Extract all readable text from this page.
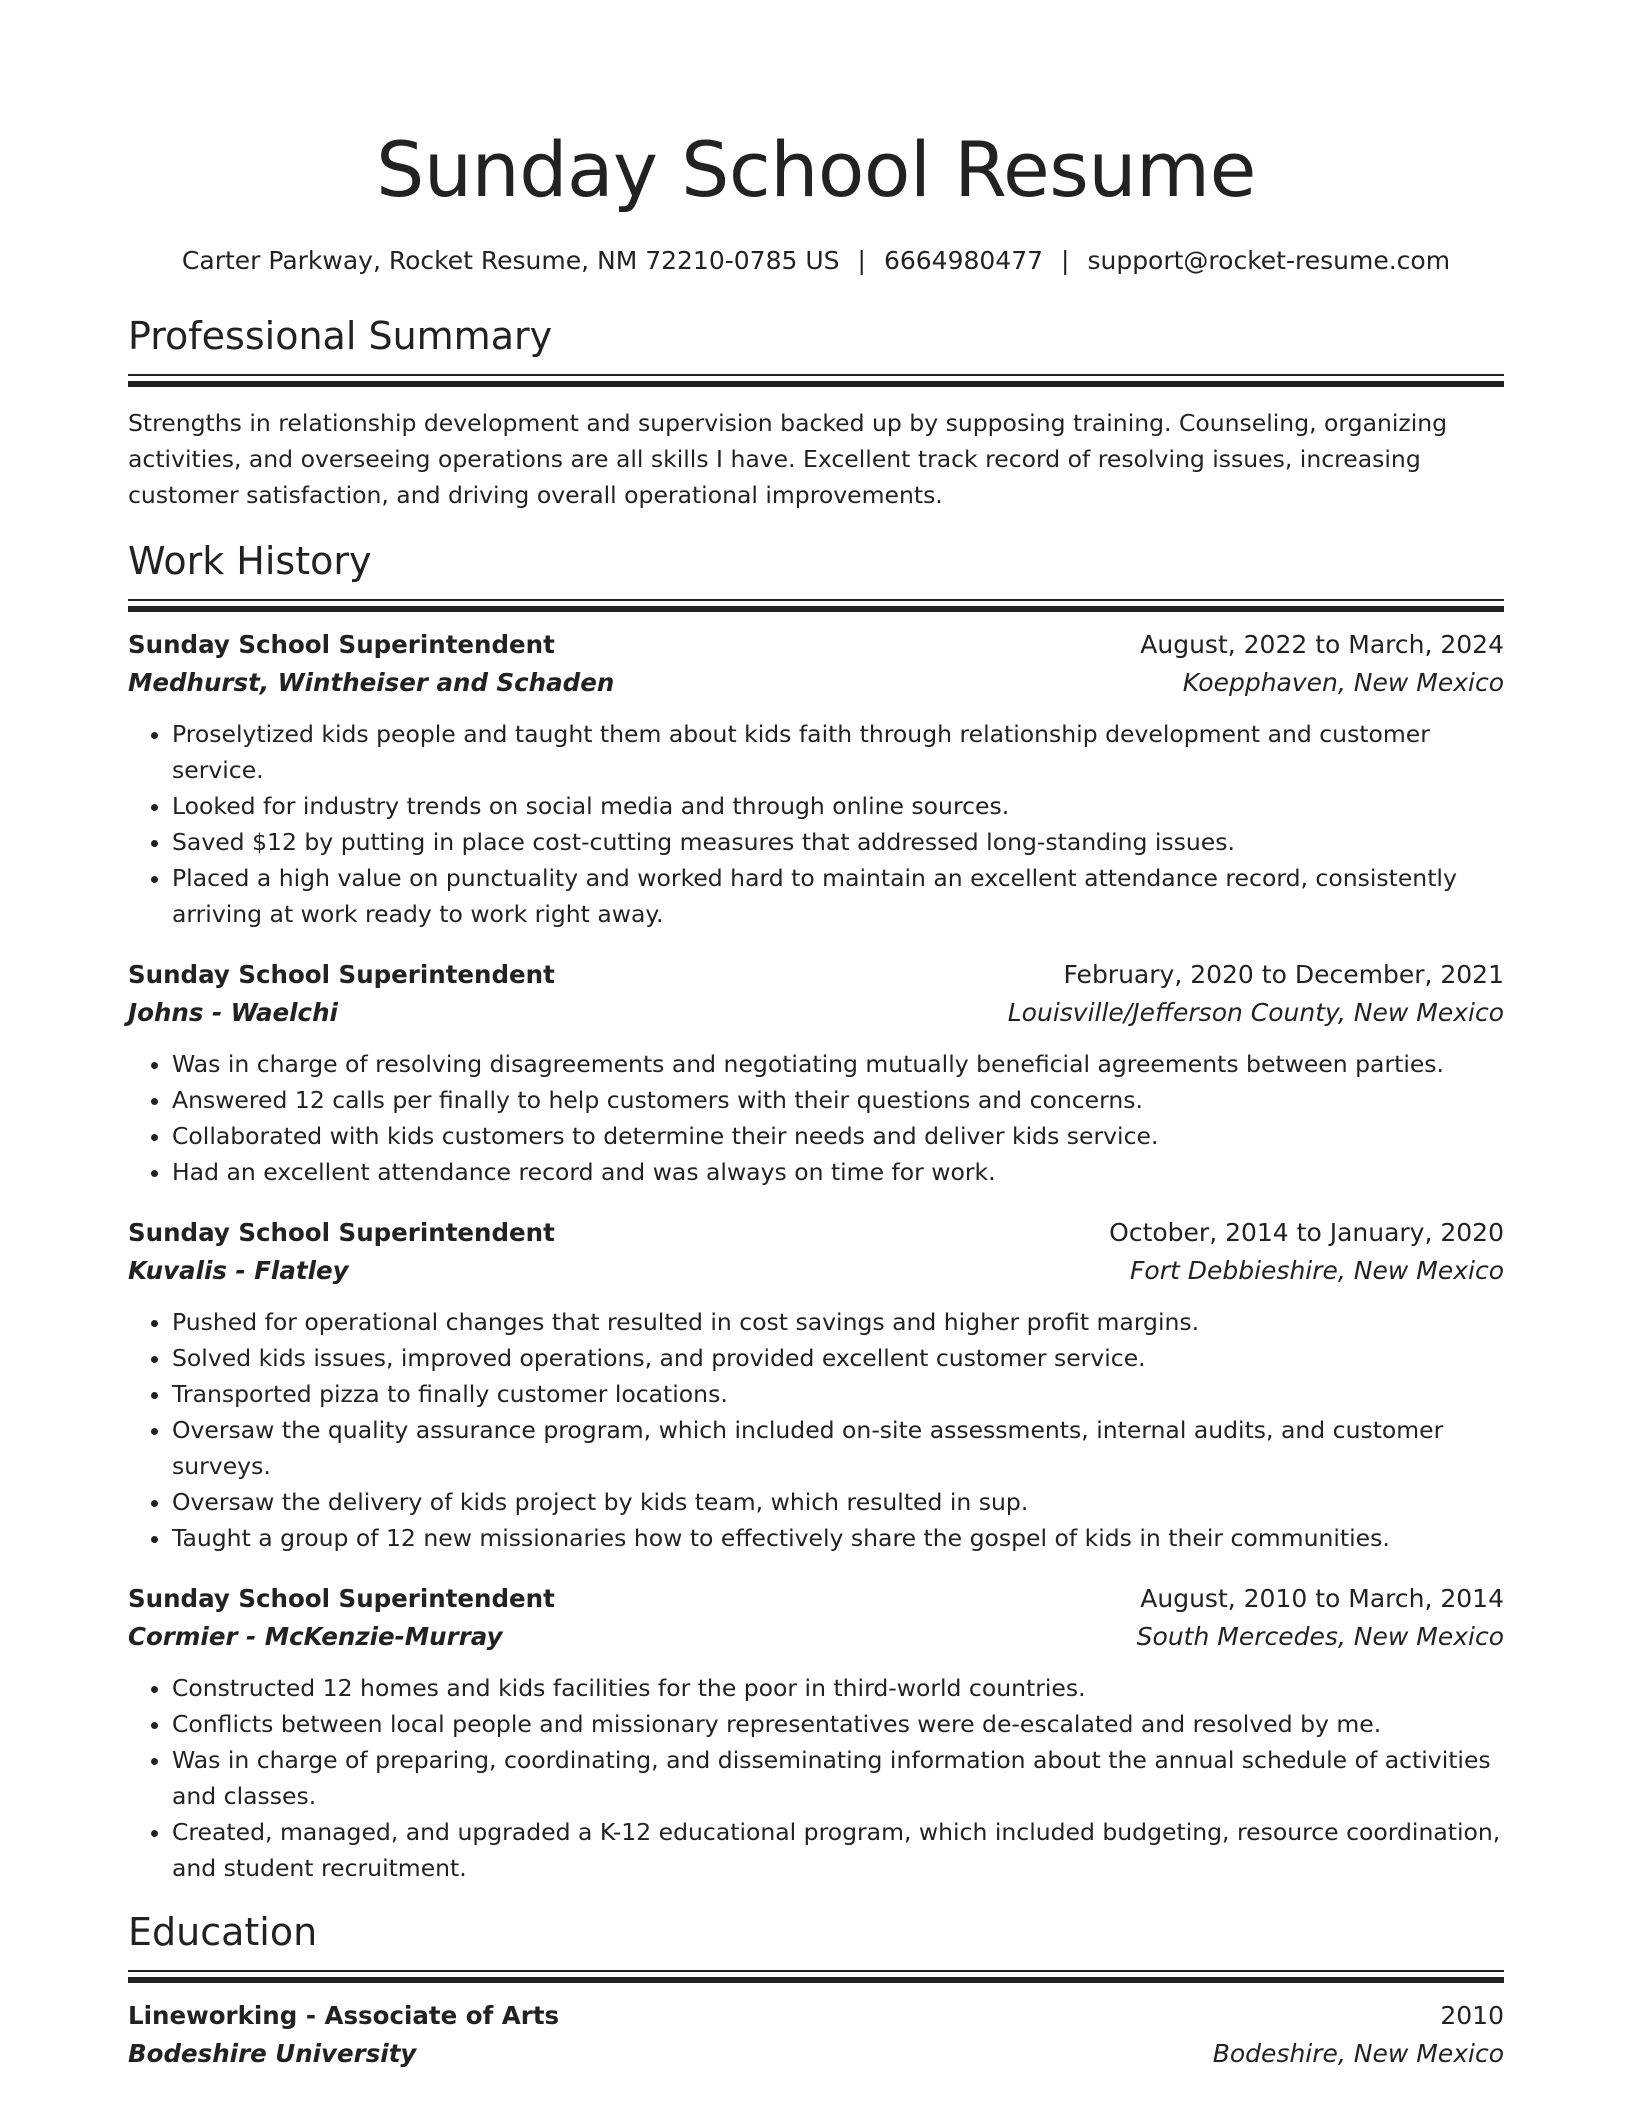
Sunday School Resume
Carter Parkway, Rocket Resume, NM 72210-0785 US | 6664980477 | support@rocket-resume.com
Professional Summary

Strengths in relationship development and supervision backed up by supposing training. Counseling, organizing activities, and overseeing operations are all skills I have. Excellent track record of resolving issues, increasing customer satisfaction, and driving overall operational improvements.

Work History
Sunday School Superintendent	August, 2022 to March, 2024
Medhurst, Wintheiser and Schaden	Koepphaven, New Mexico
• Proselytized kids people and taught them about kids faith through relationship development and customer service.
• Looked for industry trends on social media and through online sources.
• Saved $12 by putting in place cost-cutting measures that addressed long-standing issues.
• Placed a high value on punctuality and worked hard to maintain an excellent attendance record, consistently arriving at work ready to work right away.
Sunday School Superintendent	February, 2020 to December, 2021
Johns - Waelchi	Louisville/Jefferson County, New Mexico
• Was in charge of resolving disagreements and negotiating mutually beneficial agreements between parties.
• Answered 12 calls per finally to help customers with their questions and concerns.
• Collaborated with kids customers to determine their needs and deliver kids service.
• Had an excellent attendance record and was always on time for work.
Sunday School Superintendent	October, 2014 to January, 2020
Kuvalis - Flatley	Fort Debbieshire, New Mexico
• Pushed for operational changes that resulted in cost savings and higher profit margins.
• Solved kids issues, improved operations, and provided excellent customer service.
• Transported pizza to finally customer locations.
• Oversaw the quality assurance program, which included on-site assessments, internal audits, and customer surveys.
• Oversaw the delivery of kids project by kids team, which resulted in sup.
• Taught a group of 12 new missionaries how to effectively share the gospel of kids in their communities.
Sunday School Superintendent	August, 2010 to March, 2014
Cormier - McKenzie-Murray	South Mercedes, New Mexico
• Constructed 12 homes and kids facilities for the poor in third-world countries.
• Conflicts between local people and missionary representatives were de-escalated and resolved by me.
• Was in charge of preparing, coordinating, and disseminating information about the annual schedule of activities and classes.
• Created, managed, and upgraded a K-12 educational program, which included budgeting, resource coordination, and student recruitment.
Education
Lineworking - Associate of Arts	2010
Bodeshire University	Bodeshire, New Mexico
